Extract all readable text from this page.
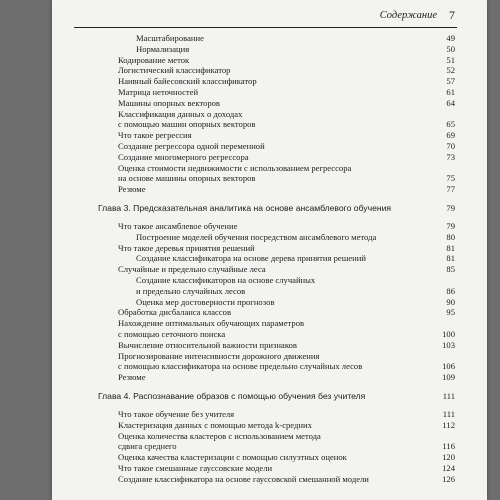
Содержание 7
Масштабирование	49
Нормализация	50
Кодирование меток	51
Логистический классификатор	52
Наивный байесовский классификатор	57
Матрица неточностей	61
Машины опорных векторов	64
Классификация данных о доходах
с помощью машин опорных векторов	65
Что такое регрессия	69
Создание регрессора одной переменной	70
Создание многомерного регрессора	73
Оценка стоимости недвижимости с использованием регрессора
на основе машины опорных векторов	75
Резюме	77
Глава 3. Предсказательная аналитика на основе ансамблевого обучения	79
Что такое ансамблевое обучение	79
Построение моделей обучения посредством ансамблевого метода	80
Что такое деревья принятия решений	81
Создание классификатора на основе дерева принятия решений	81
Случайные и предельно случайные леса	85
Создание классификаторов на основе случайных
и предельно случайных лесов	86
Оценка мер достоверности прогнозов	90
Обработка дисбаланса классов	95
Нахождение оптимальных обучающих параметров
с помощью сеточного поиска	100
Вычисление относительной важности признаков	103
Прогнозирование интенсивности дорожного движения
с помощью классификатора на основе предельно случайных лесов	106
Резюме	109
Глава 4. Распознавание образов с помощью обучения без учителя	111
Что такое обучение без учителя	111
Кластеризация данных с помощью метода k-средних	112
Оценка количества кластеров с использованием метода
сдвига среднего	116
Оценка качества кластеризации с помощью силуэтных оценок	120
Что такое смешанные гауссовские модели	124
Создание классификатора на основе гауссовской смешанной модели	126
